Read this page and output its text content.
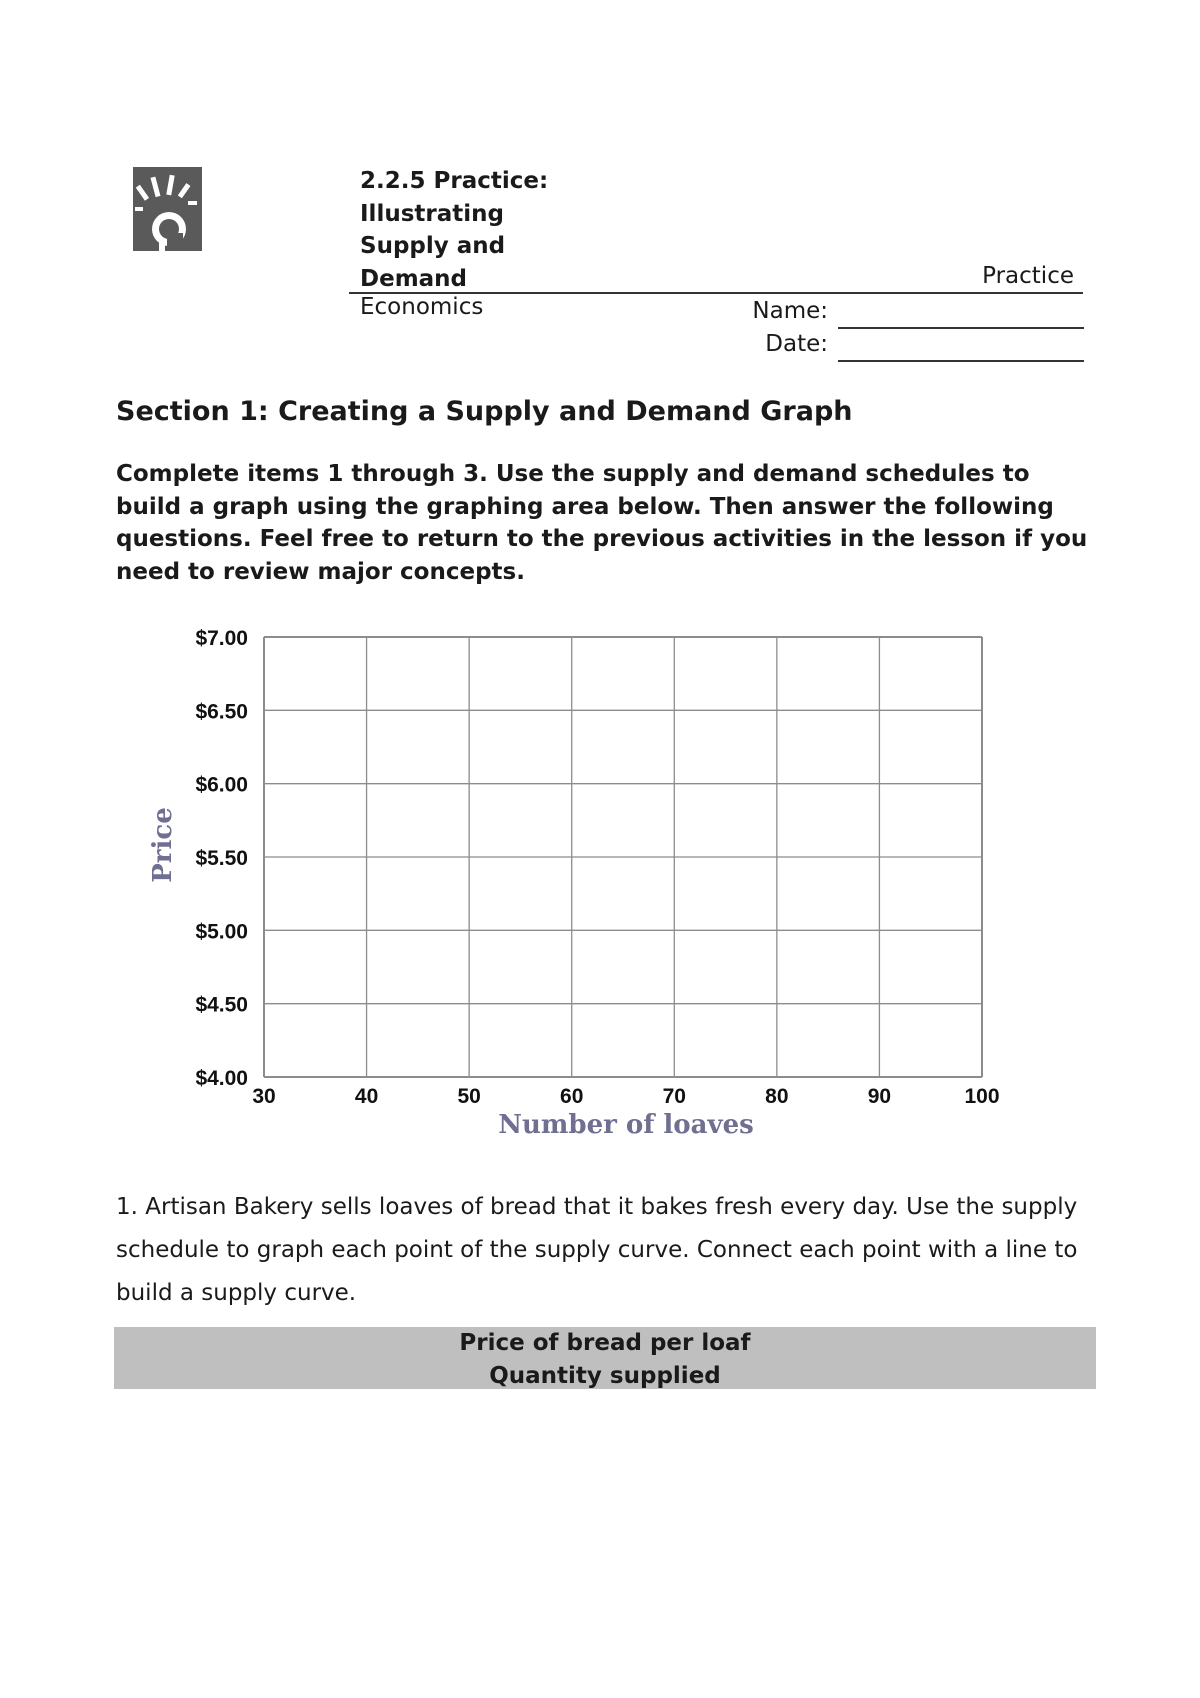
2.2.5 Practice:
Illustrating
Supply and
Demand	Practice
Economics	Name:
Date:
Section 1: Creating a Supply and Demand Graph
Complete items 1 through 3. Use the supply and demand schedules to build a graph using the graphing area below. Then answer the following questions. Feel free to return to the previous activities in the lesson if you need to review major concepts.
30	40	50	60	70	80	90	100
$4.00
$4.50
$5.00
$5.50
$6.00
$6.50
$7.00
Number of loaves
Price
1. Artisan Bakery sells loaves of bread that it bakes fresh every day. Use the supply schedule to graph each point of the supply curve. Connect each point with a line to build a supply curve.
Price of bread per loaf
Quantity supplied
